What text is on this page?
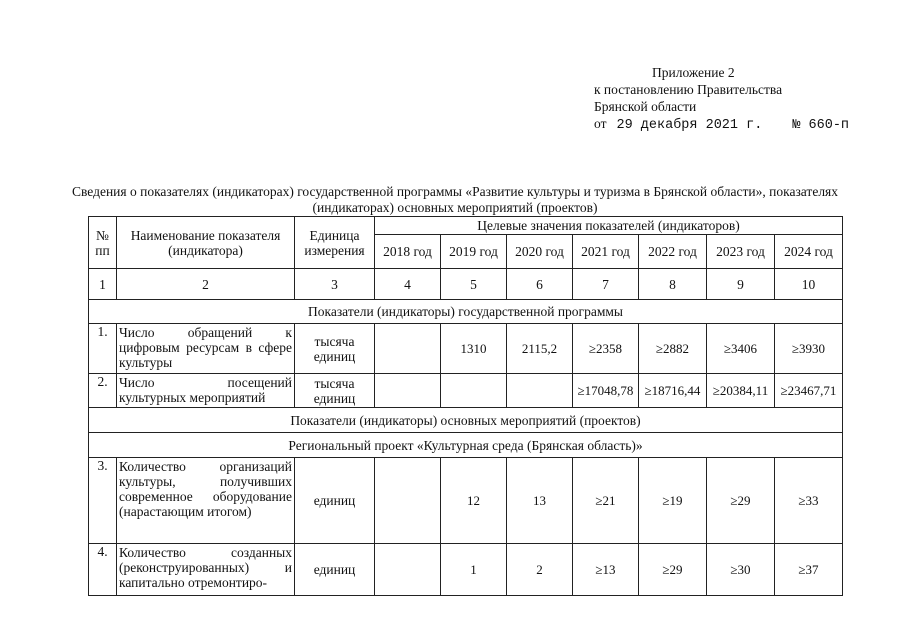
Приложение 2
к постановлению Правительства
Брянской области
от 29 декабря 2021 г. № 660-п
Сведения о показателях (индикаторах) государственной программы «Развитие культуры и туризма в Брянской области», показателях (индикаторах) основных мероприятий (проектов)
№ пп	Наименование показателя (индикатора)	Единица измерения	Целевые значения показателей (индикаторов)						
			2018 год	2019 год	2020 год	2021 год	2022 год	2023 год	2024 год
1	2	3	4	5	6	7	8	9	10
Показатели (индикаторы) государственной программы									
1.	Число обращений к цифровым ресурсам в сфере культуры	тысяча единиц		1310	2115,2	≥2358	≥2882	≥3406	≥3930
2.	Число посещений культурных мероприятий	тысяча единиц				≥17048,78	≥18716,44	≥20384,11	≥23467,71
Показатели (индикаторы) основных мероприятий (проектов)									
Региональный проект «Культурная среда (Брянская область)»									
3.	Количество организаций культуры, получивших современное оборудование (нарастающим итогом)	единиц		12	13	≥21	≥19	≥29	≥33
4.	Количество созданных (реконструированных) и капитально отремонтиро-	единиц		1	2	≥13	≥29	≥30	≥37
